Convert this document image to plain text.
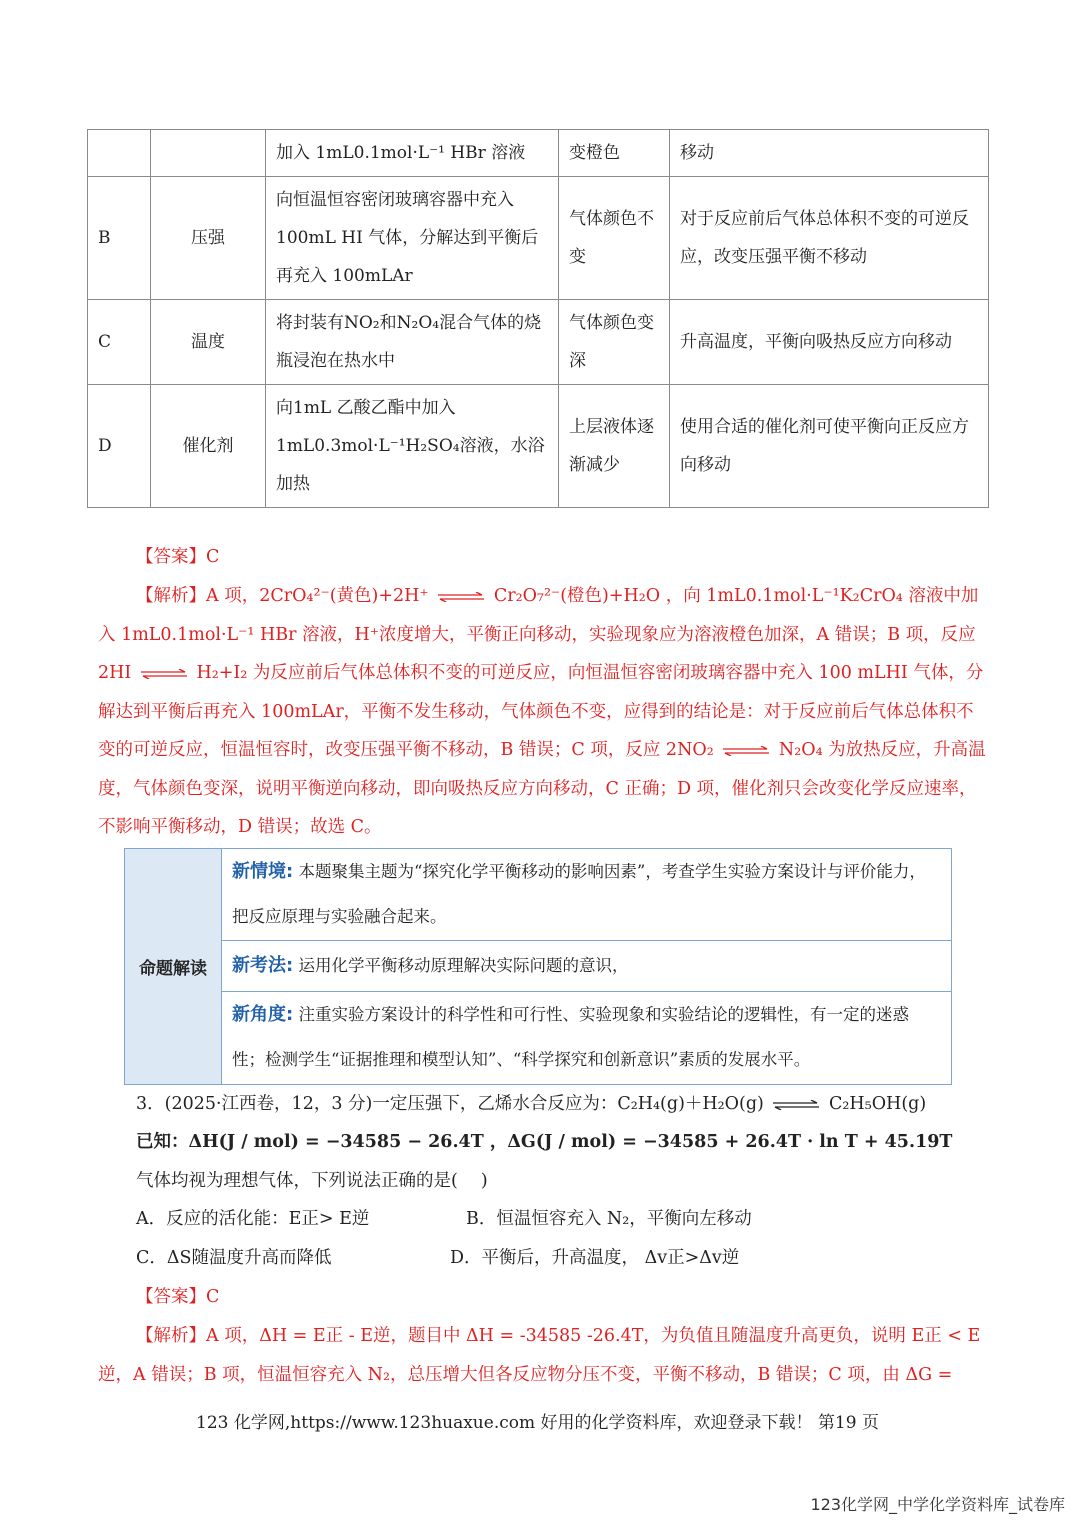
		加入 1mL0.1mol·L⁻¹ HBr 溶液	变橙色	移动
B	压强	向恒温恒容密闭玻璃容器中充入 100mL HI 气体，分解达到平衡后再充入 100mLAr	气体颜色不变	对于反应前后气体总体积不变的可逆反应，改变压强平衡不移动
C	温度	将封装有NO₂和N₂O₄混合气体的烧瓶浸泡在热水中	气体颜色变深	升高温度，平衡向吸热反应方向移动
D	催化剂	向1mL 乙酸乙酯中加入1mL0.3mol·L⁻¹H₂SO₄溶液，水浴加热	上层液体逐渐减少	使用合适的催化剂可使平衡向正反应方向移动
【答案】C
【解析】A 项，2CrO₄²⁻(黄色)+2H⁺ ⇌ Cr₂O₇²⁻(橙色)+H₂O ，向 1mL0.1mol·L⁻¹K₂CrO₄ 溶液中加入 1mL0.1mol·L⁻¹ HBr 溶液，H⁺浓度增大，平衡正向移动，实验现象应为溶液橙色加深，A 错误；B 项，反应 2HI ⇌ H₂+I₂ 为反应前后气体总体积不变的可逆反应，向恒温恒容密闭玻璃容器中充入 100 mLHI 气体，分解达到平衡后再充入 100mLAr，平衡不发生移动，气体颜色不变，应得到的结论是：对于反应前后气体总体积不变的可逆反应，恒温恒容时，改变压强平衡不移动，B 错误；C 项，反应 2NO₂ ⇌ N₂O₄ 为放热反应，升高温度，气体颜色变深，说明平衡逆向移动，即向吸热反应方向移动，C 正确；D 项，催化剂只会改变化学反应速率，不影响平衡移动，D 错误；故选 C。
命题解读
新情境: 本题聚集主题为“探究化学平衡移动的影响因素”，考查学生实验方案设计与评价能力，把反应原理与实验融合起来。
新考法: 运用化学平衡移动原理解决实际问题的意识，
新角度: 注重实验方案设计的科学性和可行性、实验现象和实验结论的逻辑性，有一定的迷惑性；检测学生“证据推理和模型认知”、“科学探究和创新意识”素质的发展水平。
3．(2025·江西卷，12，3 分)一定压强下，乙烯水合反应为：C₂H₄(g)＋H₂O(g) ⇌ C₂H₅OH(g)
已知：ΔH(J / mol) = −34585 − 26.4T ，ΔG(J / mol) = −34585 + 26.4T · ln T + 45.19T
气体均视为理想气体，下列说法正确的是(　 )
A．反应的活化能：E正> E逆	B．恒温恒容充入 N₂，平衡向左移动
C．ΔS随温度升高而降低	D．平衡后，升高温度， Δv正>Δv逆
【答案】C
【解析】A 项，ΔH = E正 - E逆，题目中 ΔH = -34585 -26.4T，为负值且随温度升高更负，说明 E正 < E逆，A 错误；B 项，恒温恒容充入 N₂，总压增大但各反应物分压不变，平衡不移动，B 错误；C 项，由 ΔG =
123 化学网,https://www.123huaxue.com 好用的化学资料库，欢迎登录下载！ 第19 页
123化学网_中学化学资料库_试卷库
